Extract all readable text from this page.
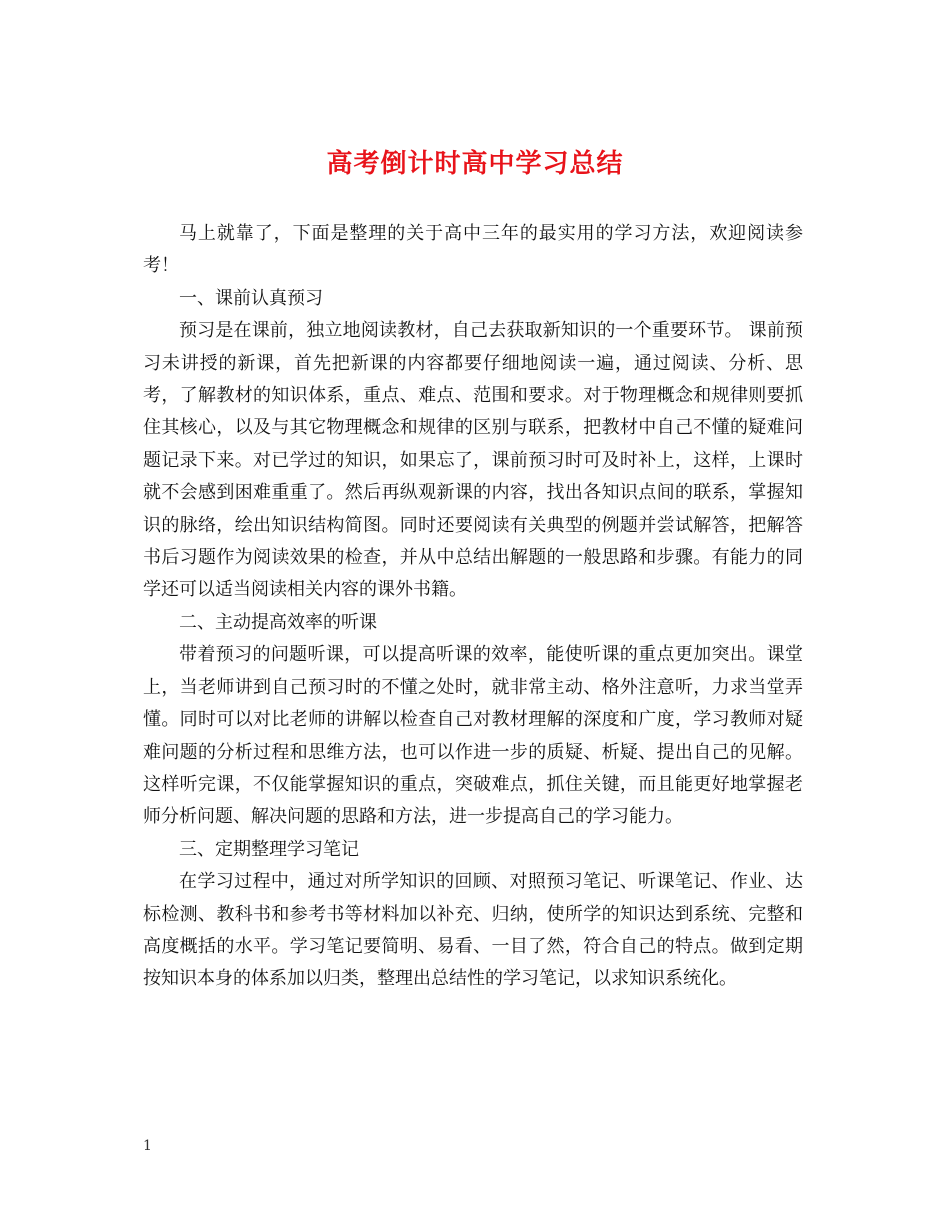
高考倒计时高中学习总结

马上就靠了，下面是整理的关于高中三年的最实用的学习方法，欢迎阅读参考！

一、课前认真预习

预习是在课前，独立地阅读教材，自己去获取新知识的一个重要环节。 课前预习未讲授的新课，首先把新课的内容都要仔细地阅读一遍，通过阅读、分析、思考，了解教材的知识体系，重点、难点、范围和要求。对于物理概念和规律则要抓住其核心，以及与其它物理概念和规律的区别与联系，把教材中自己不懂的疑难问题记录下来。对已学过的知识，如果忘了，课前预习时可及时补上，这样，上课时就不会感到困难重重了。然后再纵观新课的内容，找出各知识点间的联系，掌握知识的脉络，绘出知识结构简图。同时还要阅读有关典型的例题并尝试解答，把解答书后习题作为阅读效果的检查，并从中总结出解题的一般思路和步骤。有能力的同学还可以适当阅读相关内容的课外书籍。

二、主动提高效率的听课

带着预习的问题听课，可以提高听课的效率，能使听课的重点更加突出。课堂上，当老师讲到自己预习时的不懂之处时，就非常主动、格外注意听，力求当堂弄懂。同时可以对比老师的讲解以检查自己对教材理解的深度和广度，学习教师对疑难问题的分析过程和思维方法，也可以作进一步的质疑、析疑、提出自己的见解。这样听完课，不仅能掌握知识的重点，突破难点，抓住关键，而且能更好地掌握老师分析问题、解决问题的思路和方法，进一步提高自己的学习能力。

三、定期整理学习笔记

在学习过程中，通过对所学知识的回顾、对照预习笔记、听课笔记、作业、达标检测、教科书和参考书等材料加以补充、归纳，使所学的知识达到系统、完整和高度概括的水平。学习笔记要简明、易看、一目了然，符合自己的特点。做到定期按知识本身的体系加以归类，整理出总结性的学习笔记，以求知识系统化。

1
